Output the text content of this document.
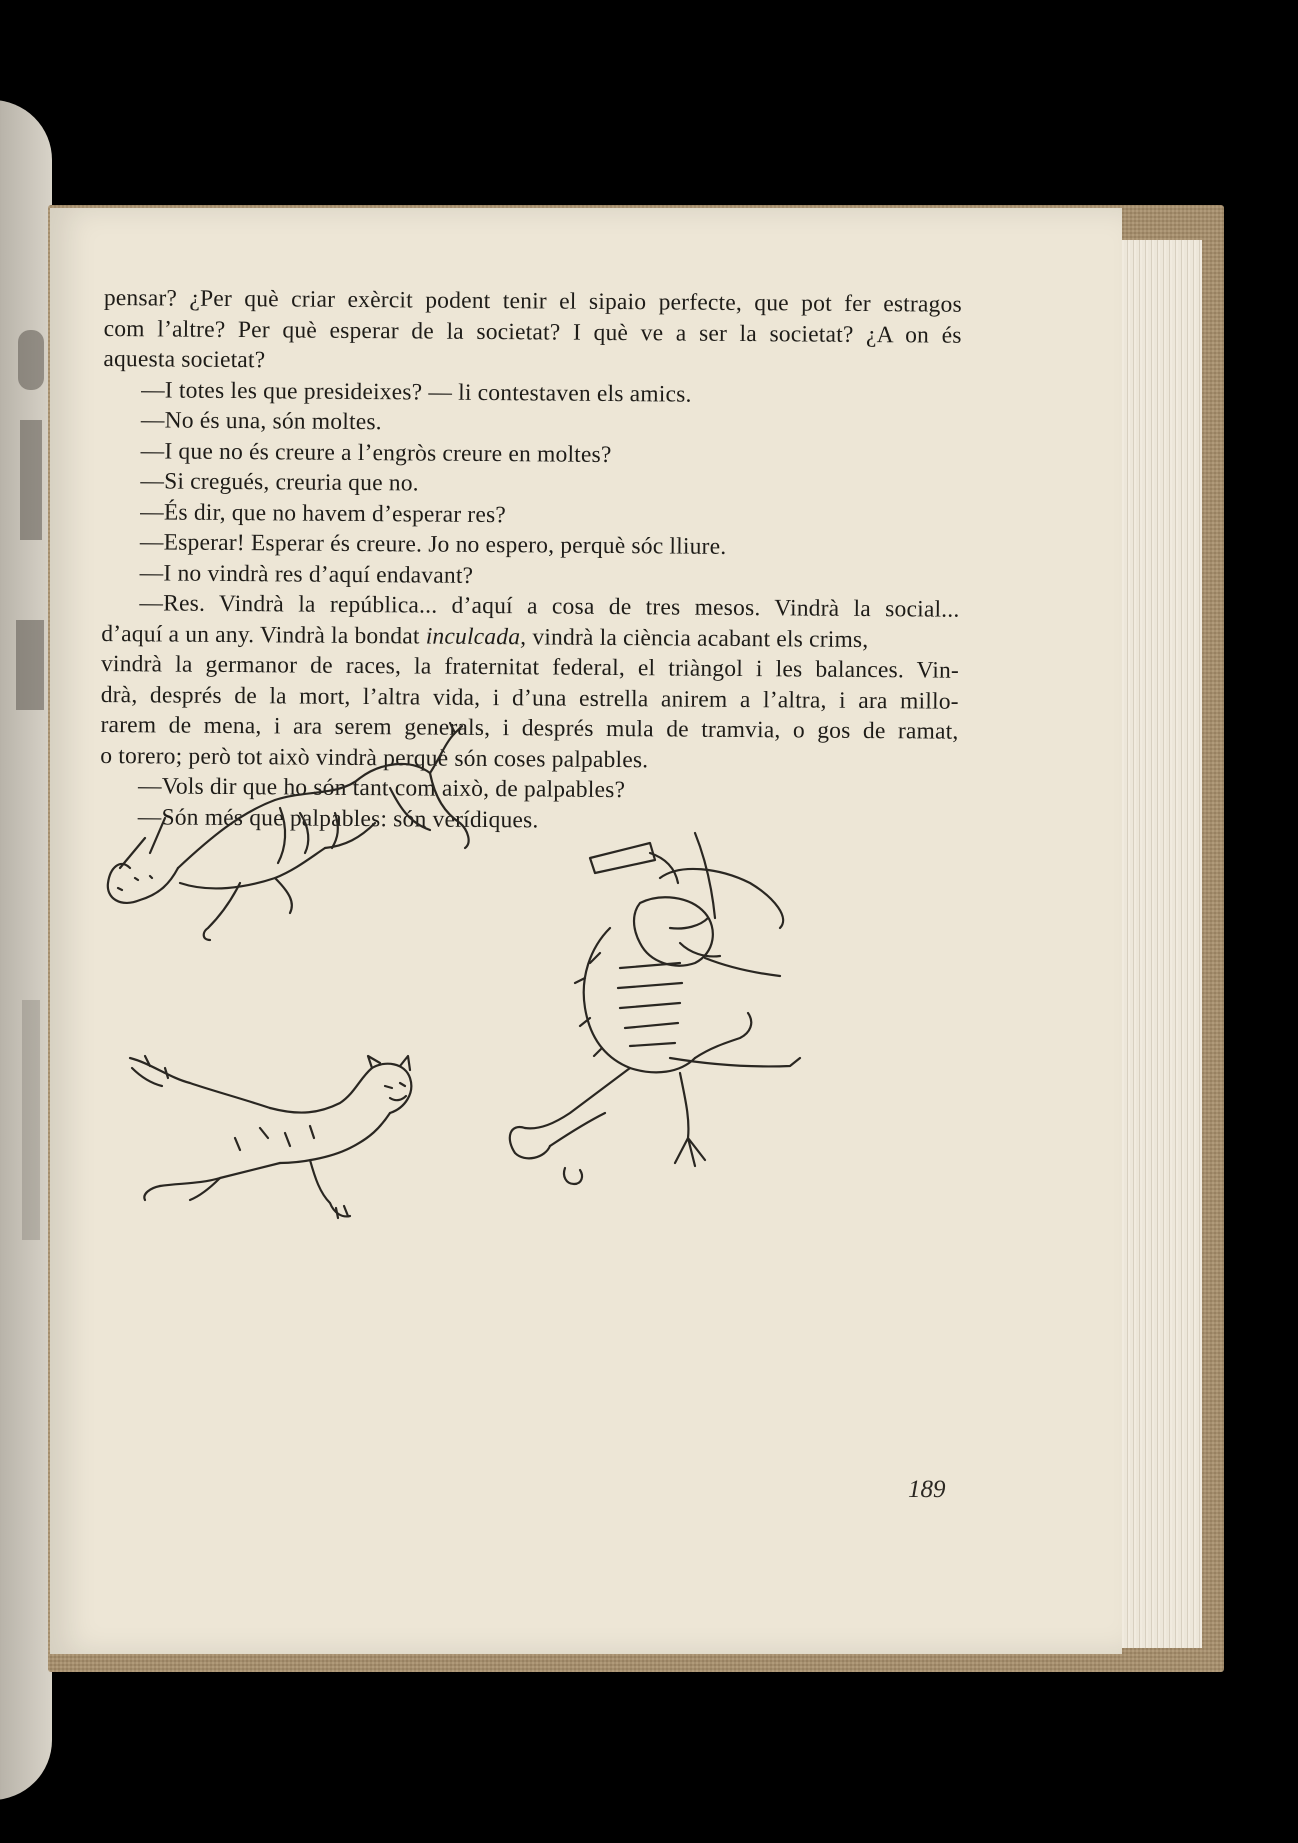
pensar? ¿Per què criar exèrcit podent tenir el sipaio perfecte, que pot fer estragos
com l’altre? Per què esperar de la societat? I què ve a ser la societat? ¿A on és
aquesta societat?
—I totes les que presideixes? — li contestaven els amics.
—No és una, són moltes.
—I que no és creure a l’engròs creure en moltes?
—Si cregués, creuria que no.
—És dir, que no havem d’esperar res?
—Esperar! Esperar és creure. Jo no espero, perquè sóc lliure.
—I no vindrà res d’aquí endavant?
—Res. Vindrà la república... d’aquí a cosa de tres mesos. Vindrà la social...
d’aquí a un any. Vindrà la bondat inculcada, vindrà la ciència acabant els crims,
vindrà la germanor de races, la fraternitat federal, el triàngol i les balances. Vin-
drà, després de la mort, l’altra vida, i d’una estrella anirem a l’altra, i ara millo-
rarem de mena, i ara serem generals, i després mula de tramvia, o gos de ramat,
o torero; però tot això vindrà perquè són coses palpables.
—Vols dir que ho són tant com això, de palpables?
—Són més que palpables: són verídiques.
189
